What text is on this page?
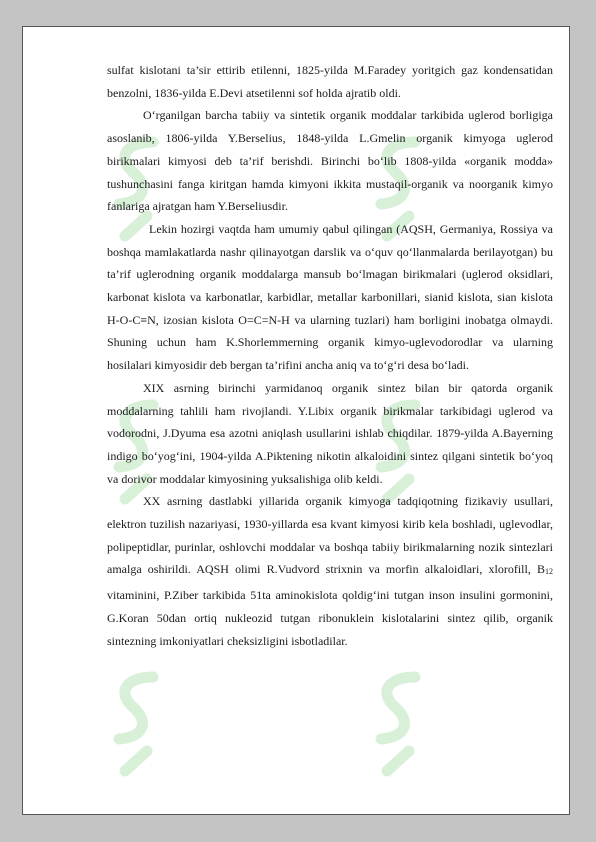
sulfat kislotani ta’sir ettirib etilenni, 1825-yilda M.Faradey yoritgich gaz kondensatidan benzolni, 1836-yilda E.Devi atsetilenni sof holda ajratib oldi.

O‘rganilgan barcha tabiiy va sintetik organik moddalar tarkibida uglerod borligiga asoslanib, 1806-yilda Y.Berselius, 1848-yilda L.Gmelin organik kimyoga uglerod birikmalari kimyosi deb ta’rif berishdi. Birinchi bo‘lib 1808-yilda «organik modda» tushunchasini fanga kiritgan hamda kimyoni ikkita mustaqil-organik va noorganik kimyo fanlariga ajratgan ham Y.Berseliusdir.

Lekin hozirgi vaqtda ham umumiy qabul qilingan (AQSH, Germaniya, Rossiya va boshqa mamlakatlarda nashr qilinayotgan darslik va o‘quv qo‘llanmalarda berilayotgan) bu ta’rif uglerodning organik moddalarga mansub bo‘lmagan birikmalari (uglerod oksidlari, karbonat kislota va karbonatlar, karbidlar, metallar karbonillari, sianid kislota, sian kislota H-O-C≡N, izosian kislota O=C=N-H va ularning tuzlari) ham borligini inobatga olmaydi. Shuning uchun ham K.Shorlemmerning organik kimyo-uglevodorodlar va ularning hosilalari kimyosidir deb bergan ta’rifini ancha aniq va to‘g‘ri desa bo‘ladi.

XIX asrning birinchi yarmidanoq organik sintez bilan bir qatorda organik moddalarning tahlili ham rivojlandi. Y.Libix organik birikmalar tarkibidagi uglerod va vodorodni, J.Dyuma esa azotni aniqlash usullarini ishlab chiqdilar. 1879-yilda A.Bayerning indigo bo‘yog‘ini, 1904-yilda A.Piktening nikotin alkaloidini sintez qilgani sintetik bo‘yoq va dorivor moddalar kimyosining yuksalishiga olib keldi.

XX asrning dastlabki yillarida organik kimyoga tadqiqotning fizikaviy usullari, elektron tuzilish nazariyasi, 1930-yillarda esa kvant kimyosi kirib kela boshladi, uglevodlar, polipeptidlar, purinlar, oshlovchi moddalar va boshqa tabiiy birikmalarning nozik sintezlari amalga oshirildi. AQSH olimi R.Vudvord strixnin va morfin alkaloidlari, xlorofill, B12 vitaminini, P.Ziber tarkibida 51ta aminokislota qoldig‘ini tutgan inson insulini gormonini, G.Koran 50dan ortiq nukleozid tutgan ribonuklein kislotalarini sintez qilib, organik sintezning imkoniyatlari cheksizligini isbotladilar.
